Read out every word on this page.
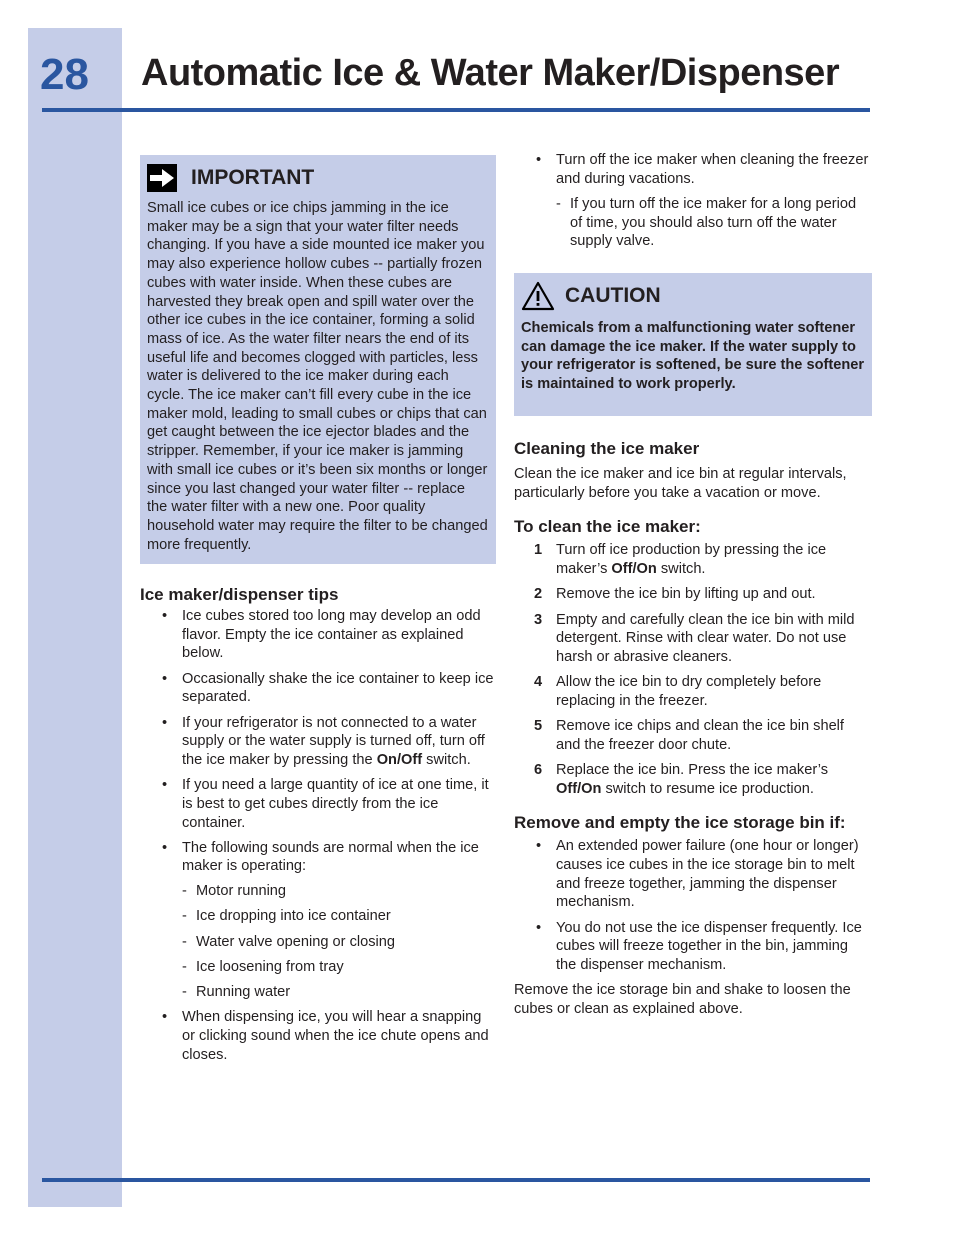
28 Automatic Ice & Water Maker/Dispenser
IMPORTANT

Small ice cubes or ice chips jamming in the ice maker may be a sign that your water filter needs changing. If you have a side mounted ice maker you may also experience hollow cubes -- partially frozen cubes with water inside. When these cubes are harvested they break open and spill water over the other ice cubes in the ice container, forming a solid mass of ice. As the water filter nears the end of its useful life and becomes clogged with particles, less water is delivered to the ice maker during each cycle. The ice maker can’t fill every cube in the ice maker mold, leading to small cubes or chips that can get caught between the ice ejector blades and the stripper. Remember, if your ice maker is jamming with small ice cubes or it’s been six months or longer since you last changed your water filter -- replace the water filter with a new one. Poor quality household water may require the filter to be changed more frequently.

Ice maker/dispenser tips
• Ice cubes stored too long may develop an odd flavor. Empty the ice container as explained below.
• Occasionally shake the ice container to keep ice separated.
• If your refrigerator is not connected to a water supply or the water supply is turned off, turn off the ice maker by pressing the On/Off switch.
• If you need a large quantity of ice at one time, it is best to get cubes directly from the ice container.
• The following sounds are normal when the ice maker is operating:
- Motor running
- Ice dropping into ice container
- Water valve opening or closing
- Ice loosening from tray
- Running water
• When dispensing ice, you will hear a snapping or clicking sound when the ice chute opens and closes.
• Turn off the ice maker when cleaning the freezer and during vacations.
- If you turn off the ice maker for a long period of time, you should also turn off the water supply valve.
CAUTION

Chemicals from a malfunctioning water softener can damage the ice maker. If the water supply to your refrigerator is softened, be sure the softener is maintained to work properly.

Cleaning the ice maker

Clean the ice maker and ice bin at regular intervals, particularly before you take a vacation or move.

To clean the ice maker:
1 Turn off ice production by pressing the ice maker’s Off/On switch.
2 Remove the ice bin by lifting up and out.
3 Empty and carefully clean the ice bin with mild detergent. Rinse with clear water. Do not use harsh or abrasive cleaners.
4 Allow the ice bin to dry completely before replacing in the freezer.
5 Remove ice chips and clean the ice bin shelf and the freezer door chute.
6 Replace the ice bin. Press the ice maker’s Off/On switch to resume ice production.
Remove and empty the ice storage bin if:
• An extended power failure (one hour or longer) causes ice cubes in the ice storage bin to melt and freeze together, jamming the dispenser mechanism.
• You do not use the ice dispenser frequently. Ice cubes will freeze together in the bin, jamming the dispenser mechanism.

Remove the ice storage bin and shake to loosen the cubes or clean as explained above.
